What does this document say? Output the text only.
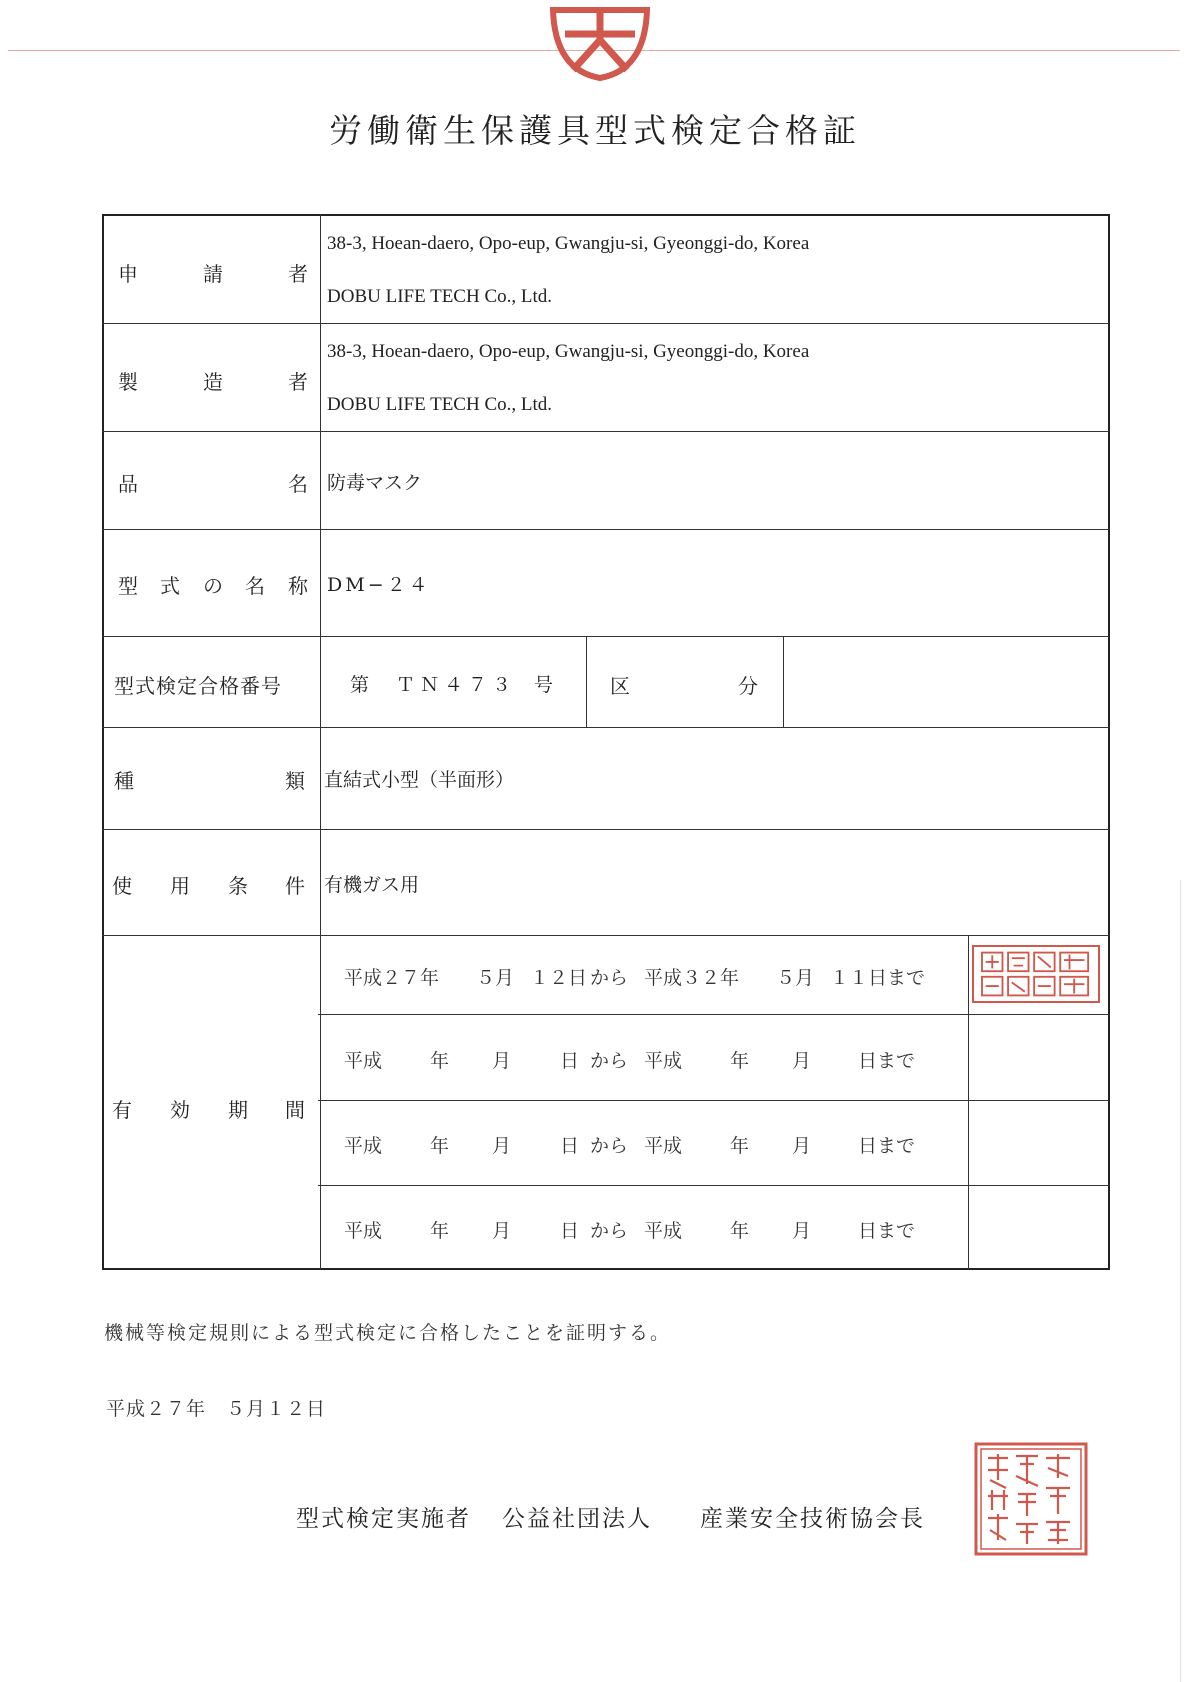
労働衛生保護具型式検定合格証
申	請	者
38-3, Hoean-daero, Opo-eup, Gwangju-si, Gyeonggi-do, Korea
DOBU LIFE TECH Co., Ltd.
製	造	者
38-3, Hoean-daero, Opo-eup, Gwangju-si, Gyeonggi-do, Korea
DOBU LIFE TECH Co., Ltd.
品	名 防毒マスク
型 式 の 名 称 DM−２４
型式検定合格番号	第 ＴＮ４７３ 号	区	分
種	類 直結式小型（半面形）
使 用 条 件 有機ガス用
有 効 期 間
平成２７年 ５月 １２日 から 平成３２年 ５月 １１日まで
平成	年 月	日 から 平成	年 月 日まで
平成	年 月	日 から 平成	年 月 日まで
平成	年 月	日 から 平成	年 月 日まで
機械等検定規則による型式検定に合格したことを証明する。
平成２７年　５月１２日
型式検定実施者 公益社団法人 産業安全技術協会長
